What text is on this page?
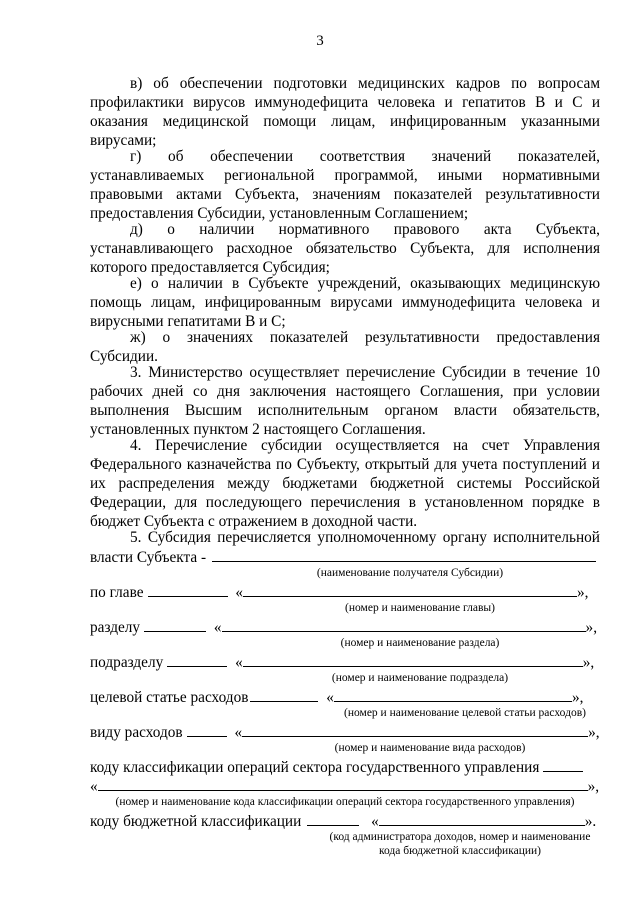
3
в) об обеспечении подготовки медицинских кадров по вопросам
профилактики вирусов иммунодефицита человека и гепатитов В и С и
оказания медицинской помощи лицам, инфицированным указанными
вирусами;
г) об обеспечении соответствия значений показателей,
устанавливаемых региональной программой, иными нормативными
правовыми актами Субъекта, значениям показателей результативности
предоставления Субсидии, установленным Соглашением;
д) о наличии нормативного правового акта Субъекта,
устанавливающего расходное обязательство Субъекта, для исполнения
которого предоставляется Субсидия;
е) о наличии в Субъекте учреждений, оказывающих медицинскую
помощь лицам, инфицированным вирусами иммунодефицита человека и
вирусными гепатитами В и С;
ж) о значениях показателей результативности предоставления
Субсидии.
3. Министерство осуществляет перечисление Субсидии в течение 10
рабочих дней со дня заключения настоящего Соглашения, при условии
выполнения Высшим исполнительным органом власти обязательств,
установленных пунктом 2 настоящего Соглашения.
4. Перечисление субсидии осуществляется на счет Управления
Федерального казначейства по Субъекту, открытый для учета поступлений и
их распределения между бюджетами бюджетной системы Российской
Федерации, для последующего перечисления в установленном порядке в
бюджет Субъекта с отражением в доходной части.
5. Субсидия перечисляется уполномоченному органу исполнительной
власти Субъекта -
(наименование получателя Субсидии)
по главе	«	»,
(номер и наименование главы)
разделу	«	»,
(номер и наименование раздела)
подразделу	«	»,
(номер и наименование подраздела)
целевой статье расходов	«	»,
(номер и наименование целевой статьи расходов)
виду расходов	«	»,
(номер и наименование вида расходов)
коду классификации операций сектора государственного управления
«	»,
(номер и наименование кода классификации операций сектора государственного управления)
коду бюджетной классификации	«	».
(код администратора доходов, номер и наименование
кода бюджетной классификации)
